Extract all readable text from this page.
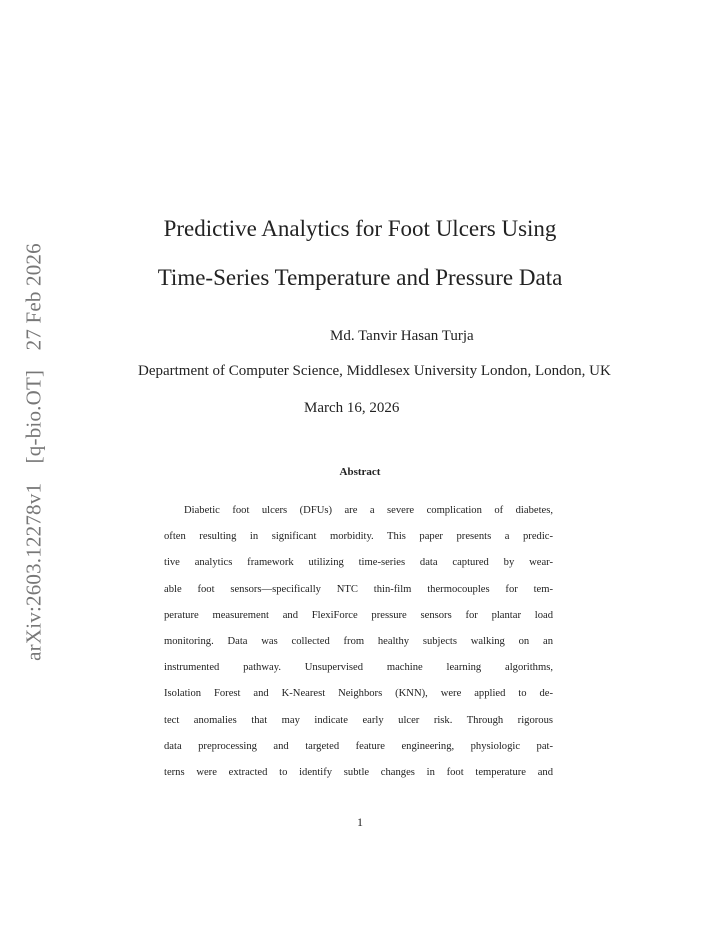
arXiv:2603.12278v1 [q-bio.OT] 27 Feb 2026
Predictive Analytics for Foot Ulcers Using
Time-Series Temperature and Pressure Data
Md. Tanvir Hasan Turja
Department of Computer Science, Middlesex University London, London, UK
March 16, 2026
Abstract
Diabetic foot ulcers (DFUs) are a severe complication of diabetes,
often resulting in significant morbidity. This paper presents a predic-
tive analytics framework utilizing time-series data captured by wear-
able foot sensors—specifically NTC thin-film thermocouples for tem-
perature measurement and FlexiForce pressure sensors for plantar load
monitoring. Data was collected from healthy subjects walking on an
instrumented pathway. Unsupervised machine learning algorithms,
Isolation Forest and K-Nearest Neighbors (KNN), were applied to de-
tect anomalies that may indicate early ulcer risk. Through rigorous
data preprocessing and targeted feature engineering, physiologic pat-
terns were extracted to identify subtle changes in foot temperature and
1
